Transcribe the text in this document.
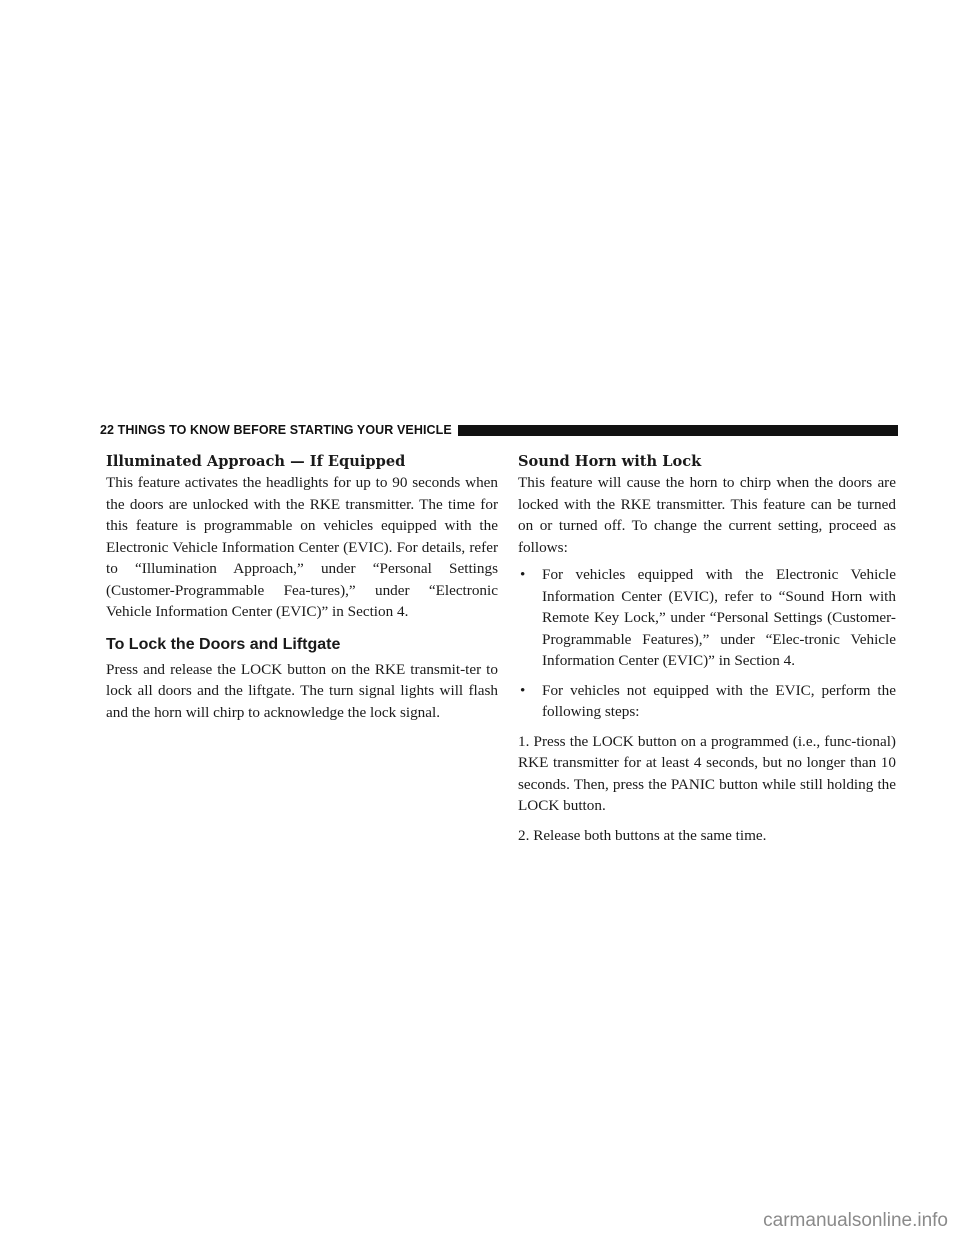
22 THINGS TO KNOW BEFORE STARTING YOUR VEHICLE
Illuminated Approach — If Equipped

This feature activates the headlights for up to 90 seconds when the doors are unlocked with the RKE transmitter. The time for this feature is programmable on vehicles equipped with the Electronic Vehicle Information Center (EVIC). For details, refer to “Illumination Approach,” under “Personal Settings (Customer-Programmable Fea-tures),” under “Electronic Vehicle Information Center (EVIC)” in Section 4.

To Lock the Doors and Liftgate

Press and release the LOCK button on the RKE transmit-ter to lock all doors and the liftgate. The turn signal lights will flash and the horn will chirp to acknowledge the lock signal.

Sound Horn with Lock

This feature will cause the horn to chirp when the doors are locked with the RKE transmitter. This feature can be turned on or turned off. To change the current setting, proceed as follows:

• For vehicles equipped with the Electronic Vehicle Information Center (EVIC), refer to “Sound Horn with Remote Key Lock,” under “Personal Settings (Customer-Programmable Features),” under “Elec-tronic Vehicle Information Center (EVIC)” in Section 4.
• For vehicles not equipped with the EVIC, perform the following steps:

1. Press the LOCK button on a programmed (i.e., func-tional) RKE transmitter for at least 4 seconds, but no longer than 10 seconds. Then, press the PANIC button while still holding the LOCK button.

2. Release both buttons at the same time.

carmanualsonline.info
